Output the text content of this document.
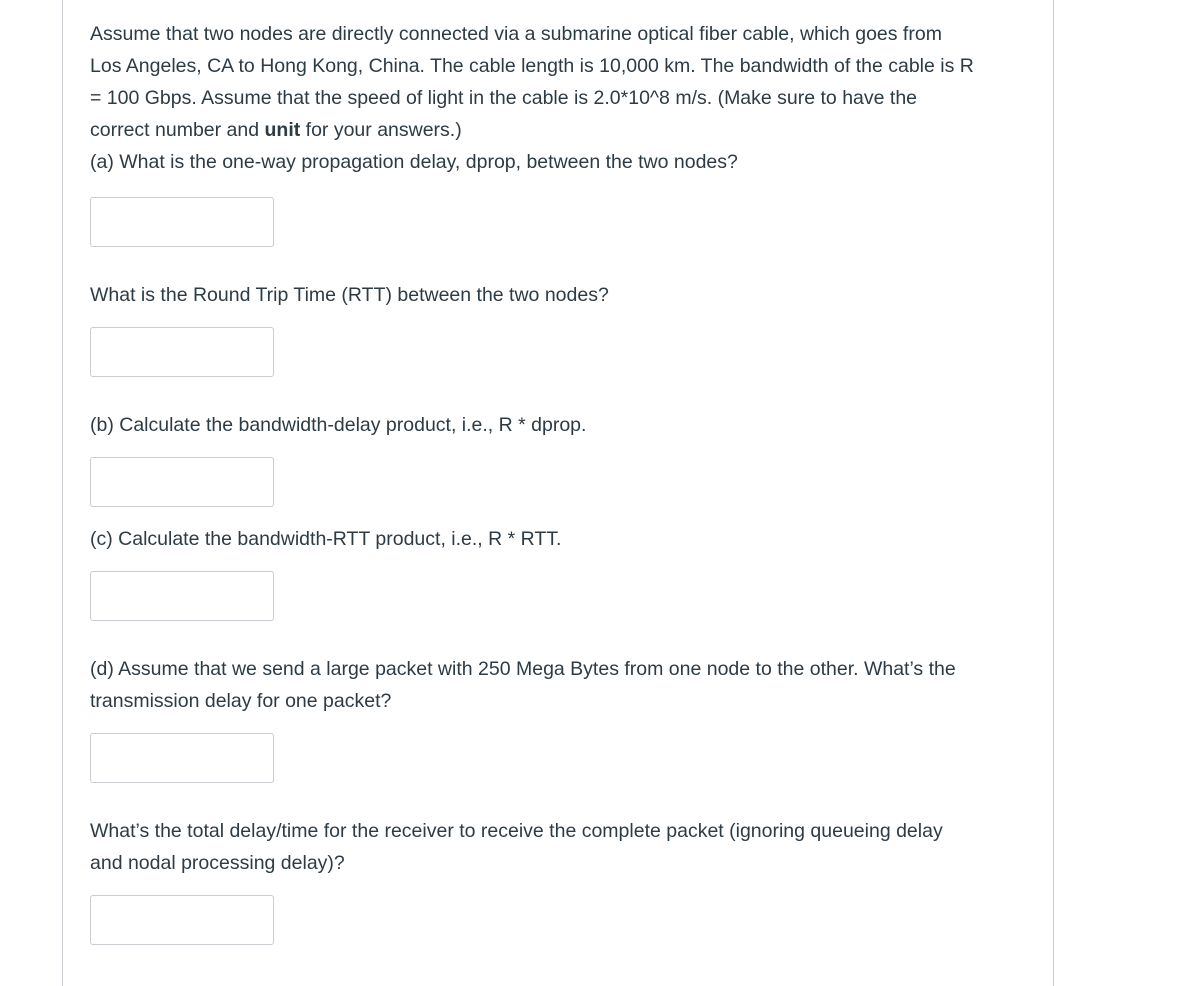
Assume that two nodes are directly connected via a submarine optical fiber cable, which goes from
Los Angeles, CA to Hong Kong, China. The cable length is 10,000 km. The bandwidth of the cable is R
= 100 Gbps. Assume that the speed of light in the cable is 2.0*10^8 m/s. (Make sure to have the
correct number and unit for your answers.)
(a) What is the one-way propagation delay, dprop, between the two nodes?

What is the Round Trip Time (RTT) between the two nodes?

(b) Calculate the bandwidth-delay product, i.e., R * dprop.

(c) Calculate the bandwidth-RTT product, i.e., R * RTT.

(d) Assume that we send a large packet with 250 Mega Bytes from one node to the other. What’s the
transmission delay for one packet?

What’s the total delay/time for the receiver to receive the complete packet (ignoring queueing delay
and nodal processing delay)?
